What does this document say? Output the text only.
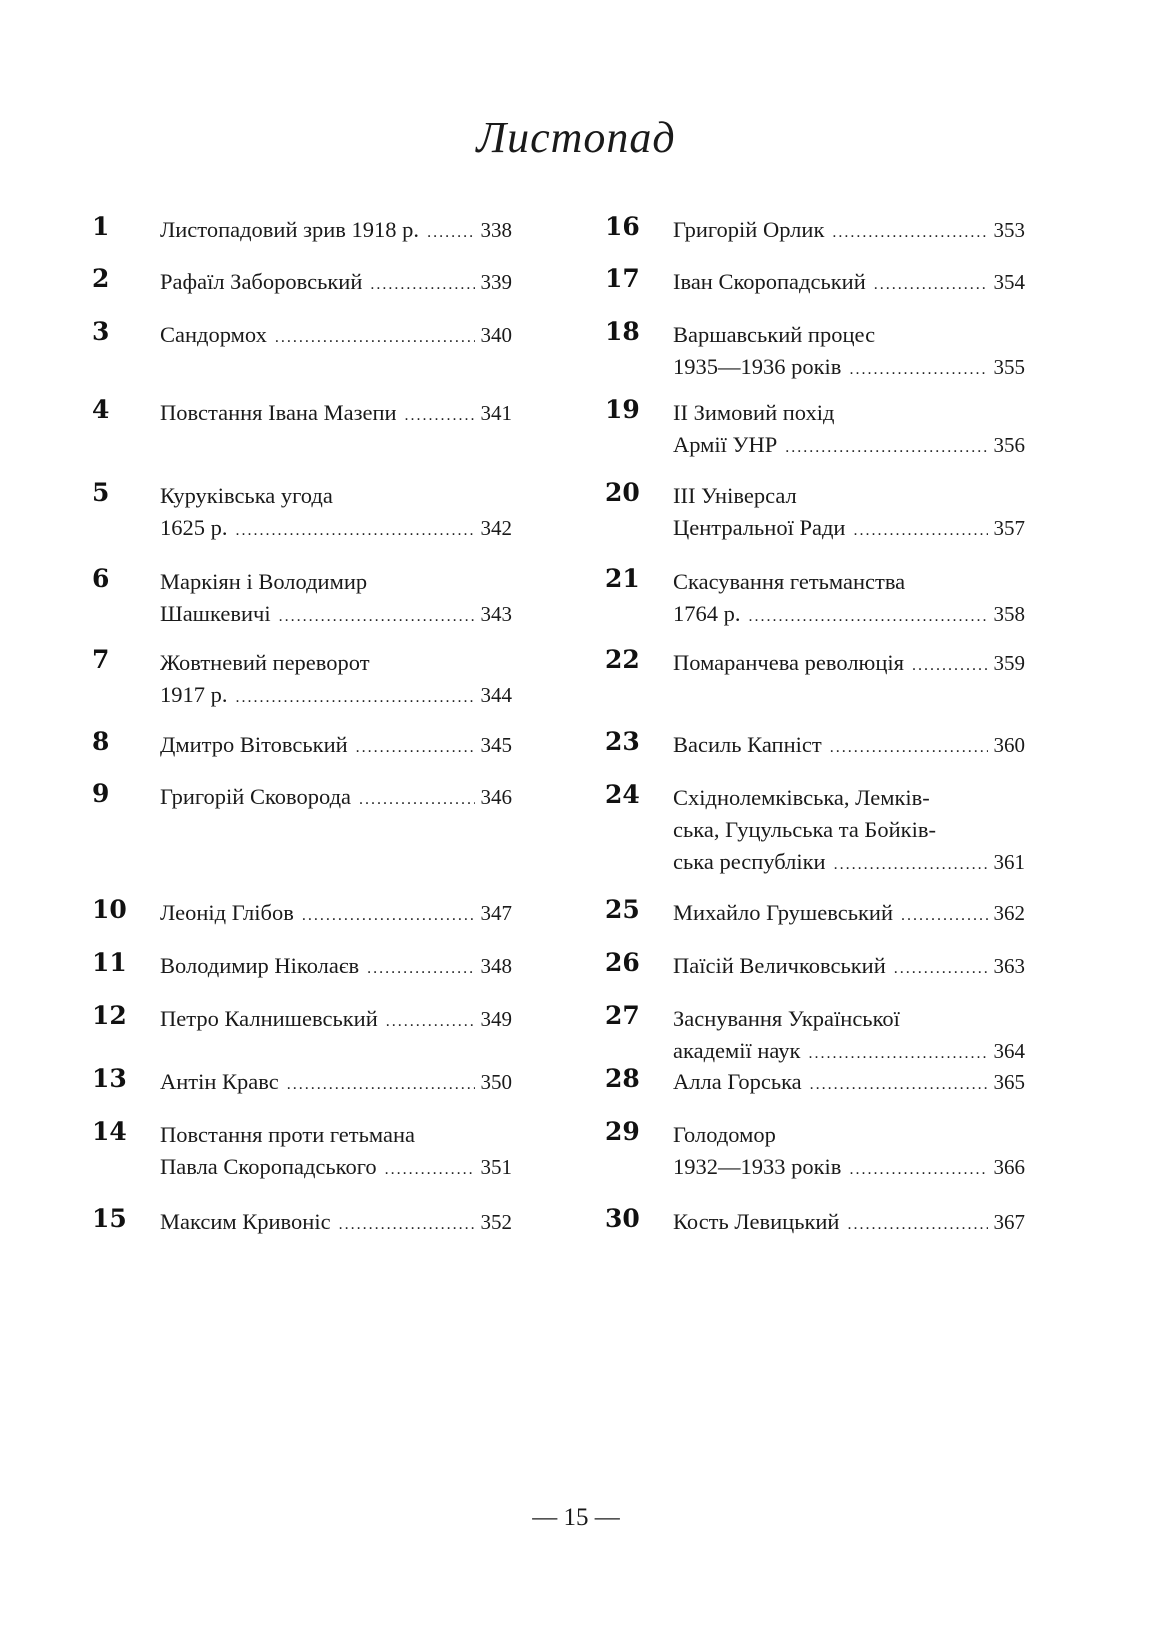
Листопад
1	Листопадовий зрив 1918 р. .....	338
2	Рафаїл Заборовський .....	339
3	Сандормох .....	340
4	Повстання Івана Мазепи .....	341
5	Куруківська угода
1625 р. .....	342
6	Маркіян і Володимир
Шашкевичі .....	343
7	Жовтневий переворот
1917 р. .....	344
8	Дмитро Вітовський .....	345
9	Григорій Сковорода .....	346
10	Леонід Глібов .....	347
11	Володимир Ніколаєв .....	348
12	Петро Калнишевський .....	349
13	Антін Кравс .....	350
14	Повстання проти гетьмана
Павла Скоропадського .....	351
15	Максим Кривоніс .....	352
16	Григорій Орлик .....	353
17	Іван Скоропадський .....	354
18	Варшавський процес
1935—1936 років .....	355
19	ІІ Зимовий похід
Армії УНР .....	356
20	ІІІ Універсал
Центральної Ради .....	357
21	Скасування гетьманства
1764 р. .....	358
22	Помаранчева революція .....	359
23	Василь Капніст .....	360
24	Східнолемківська, Лемків-
ська, Гуцульська та Бойків-
ська республіки .....	361
25	Михайло Грушевський .....	362
26	Паїсій Величковський .....	363
27	Заснування Української
академії наук .....	364
28	Алла Горська .....	365
29	Голодомор
1932—1933 років .....	366
30	Кость Левицький .....	367
— 15 —
